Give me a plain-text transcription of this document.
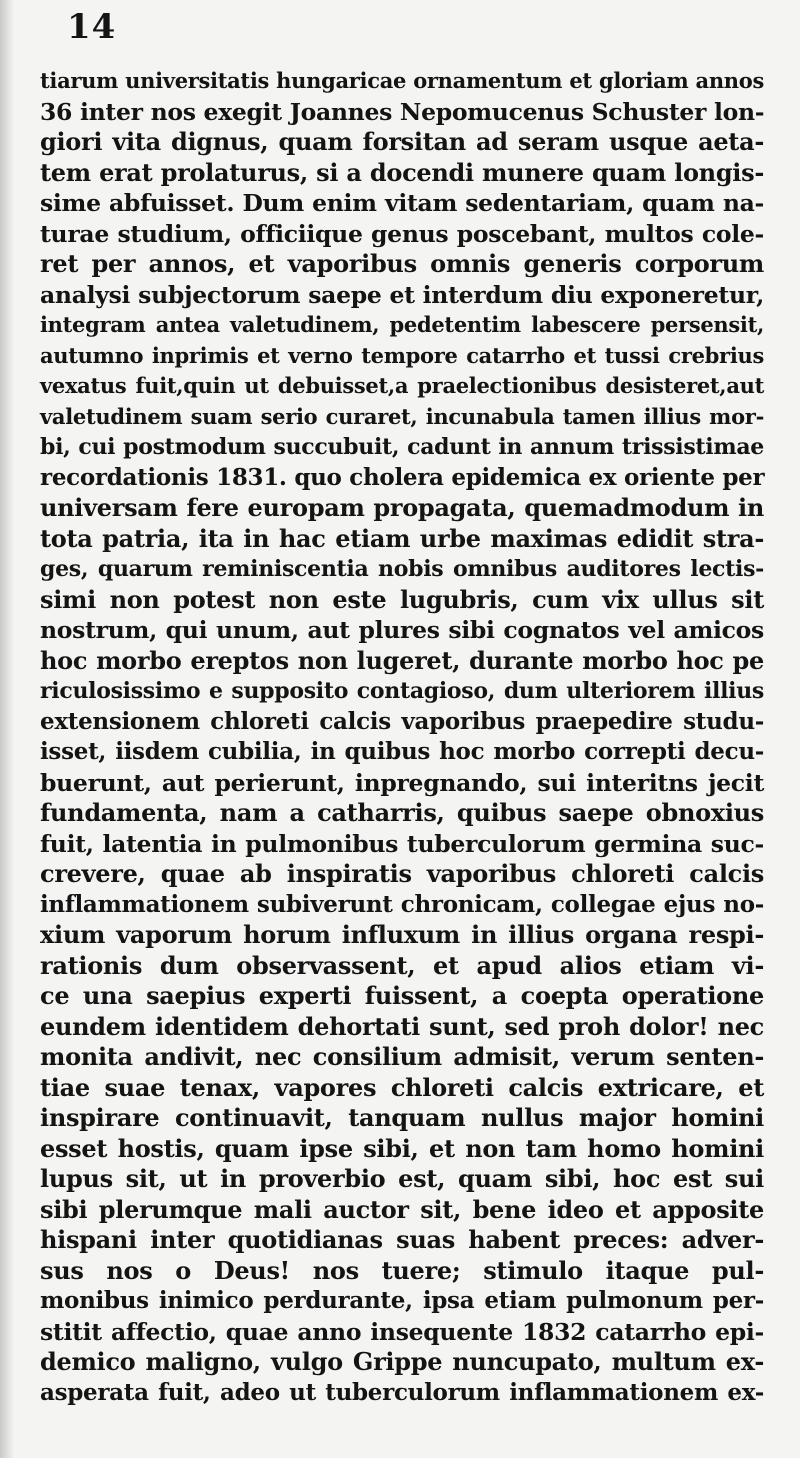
14
tiarum universitatis hungaricae ornamentum et gloriam annos
36 inter nos exegit Joannes Nepomucenus Schuster lon-
giori vita dignus, quam forsitan ad seram usque aeta-
tem erat prolaturus, si a docendi munere quam longis-
sime abfuisset. Dum enim vitam sedentariam, quam na-
turae studium, officiique genus poscebant, multos cole-
ret per annos, et vaporibus omnis generis corporum
analysi subjectorum saepe et interdum diu exponeretur,
integram antea valetudinem, pedetentim labescere persensit,
autumno inprimis et verno tempore catarrho et tussi crebrius
vexatus fuit,quin ut debuisset,a praelectionibus desisteret,aut
valetudinem suam serio curaret, incunabula tamen illius mor-
bi, cui postmodum succubuit, cadunt in annum trissistimae
recordationis 1831. quo cholera epidemica ex oriente per
universam fere europam propagata, quemadmodum in
tota patria, ita in hac etiam urbe maximas edidit stra-
ges, quarum reminiscentia nobis omnibus auditores lectis-
simi non potest non este lugubris, cum vix ullus sit
nostrum, qui unum, aut plures sibi cognatos vel amicos
hoc morbo ereptos non lugeret, durante morbo hoc pe
riculosissimo e supposito contagioso, dum ulteriorem illius
extensionem chloreti calcis vaporibus praepedire studu-
isset, iisdem cubilia, in quibus hoc morbo correpti decu-
buerunt, aut perierunt, inpregnando, sui interitns jecit
fundamenta, nam a catharris, quibus saepe obnoxius
fuit, latentia in pulmonibus tuberculorum germina suc-
crevere, quae ab inspiratis vaporibus chloreti calcis
inflammationem subiverunt chronicam, collegae ejus no-
xium vaporum horum influxum in illius organa respi-
rationis dum observassent, et apud alios etiam vi-
ce una saepius experti fuissent, a coepta operatione
eundem identidem dehortati sunt, sed proh dolor! nec
monita andivit, nec consilium admisit, verum senten-
tiae suae tenax, vapores chloreti calcis extricare, et
inspirare continuavit, tanquam nullus major homini
esset hostis, quam ipse sibi, et non tam homo homini
lupus sit, ut in proverbio est, quam sibi, hoc est sui
sibi plerumque mali auctor sit, bene ideo et apposite
hispani inter quotidianas suas habent preces: adver-
sus nos o Deus! nos tuere; stimulo itaque pul-
monibus inimico perdurante, ipsa etiam pulmonum per-
stitit affectio, quae anno insequente 1832 catarrho epi-
demico maligno, vulgo Grippe nuncupato, multum ex-
asperata fuit, adeo ut tuberculorum inflammationem ex-
